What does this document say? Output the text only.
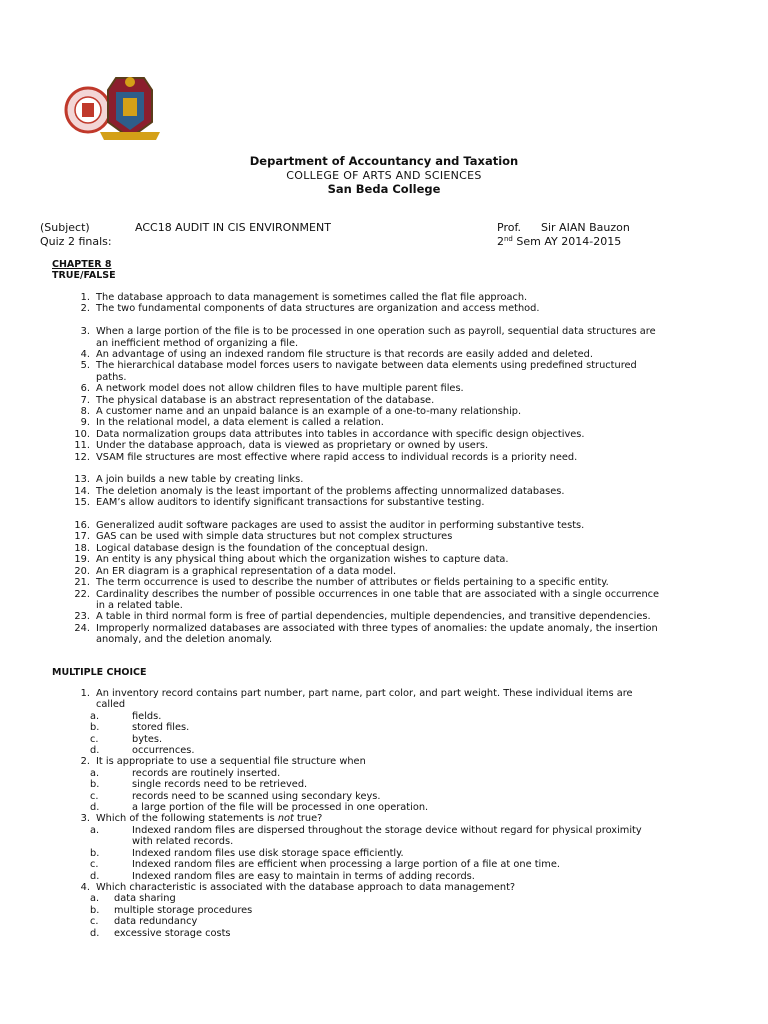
Department of Accountancy and Taxation
COLLEGE OF ARTS AND SCIENCES
San Beda College
(Subject)	ACC18 AUDIT IN CIS ENVIRONMENT	Prof. Sir AIAN Bauzon
Quiz 2 finals:	2nd Sem AY 2014-2015
CHAPTER 8
TRUE/FALSE
1. The database approach to data management is sometimes called the flat file approach.
2. The two fundamental components of data structures are organization and access method.
3. When a large portion of the file is to be processed in one operation such as payroll, sequential data structures are an inefficient method of organizing a file.
4. An advantage of using an indexed random file structure is that records are easily added and deleted.
5. The hierarchical database model forces users to navigate between data elements using predefined structured paths.
6. A network model does not allow children files to have multiple parent files.
7. The physical database is an abstract representation of the database.
8. A customer name and an unpaid balance is an example of a one-to-many relationship.
9. In the relational model, a data element is called a relation.
10. Data normalization groups data attributes into tables in accordance with specific design objectives.
11. Under the database approach, data is viewed as proprietary or owned by users.
12. VSAM file structures are most effective where rapid access to individual records is a priority need.
13. A join builds a new table by creating links.
14. The deletion anomaly is the least important of the problems affecting unnormalized databases.
15. EAM’s allow auditors to identify significant transactions for substantive testing.
16. Generalized audit software packages are used to assist the auditor in performing substantive tests.
17. GAS can be used with simple data structures but not complex structures
18. Logical database design is the foundation of the conceptual design.
19. An entity is any physical thing about which the organization wishes to capture data.
20. An ER diagram is a graphical representation of a data model.
21. The term occurrence is used to describe the number of attributes or fields pertaining to a specific entity.
22. Cardinality describes the number of possible occurrences in one table that are associated with a single occurrence in a related table.
23. A table in third normal form is free of partial dependencies, multiple dependencies, and transitive dependencies.
24. Improperly normalized databases are associated with three types of anomalies: the update anomaly, the insertion anomaly, and the deletion anomaly.
MULTIPLE CHOICE
1. An inventory record contains part number, part name, part color, and part weight. These individual items are called
a.	fields.
b.	stored files.
c.	bytes.
d.	occurrences.
2. It is appropriate to use a sequential file structure when
a.	records are routinely inserted.
b.	single records need to be retrieved.
c.	records need to be scanned using secondary keys.
d.	a large portion of the file will be processed in one operation.
3. Which of the following statements is not true?
a.	Indexed random files are dispersed throughout the storage device without regard for physical proximity with related records.
b.	Indexed random files use disk storage space efficiently.
c.	Indexed random files are efficient when processing a large portion of a file at one time.
d.	Indexed random files are easy to maintain in terms of adding records.
4. Which characteristic is associated with the database approach to data management?
a.	data sharing
b.	multiple storage procedures
c.	data redundancy
d.	excessive storage costs
